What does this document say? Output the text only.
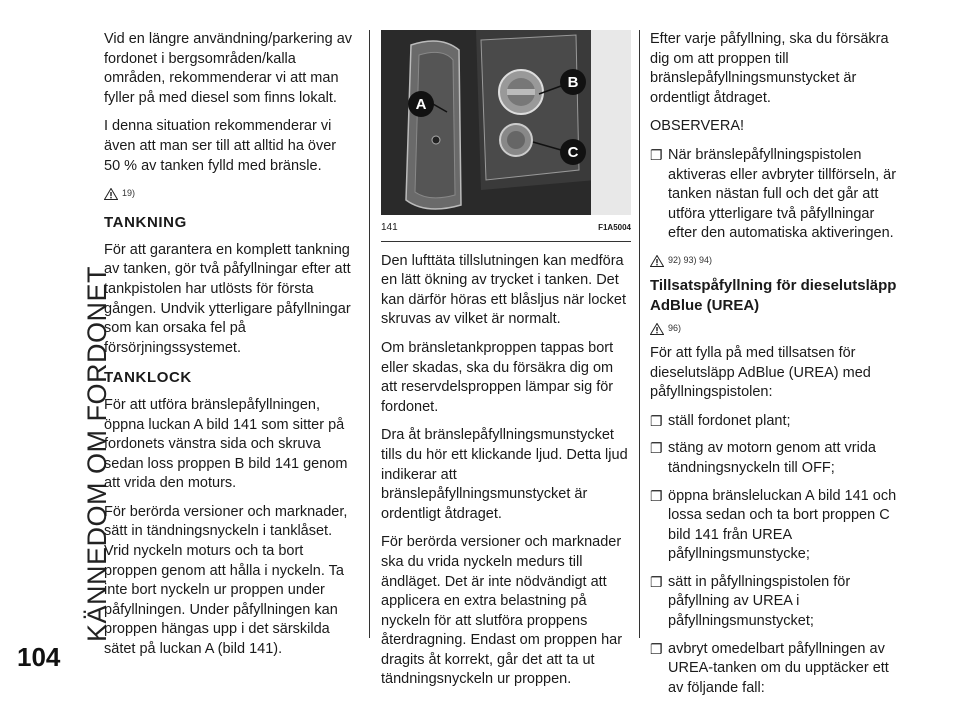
KÄNNEDOM OM FORDONET
104

Vid en längre användning/parkering av fordonet i bergsområden/kalla områden, rekommenderar vi att man fyller på med diesel som finns lokalt.

I denna situation rekommenderar vi även att man ser till att alltid ha över 50 % av tanken fylld med bränsle.

19)
TANKNING

För att garantera en komplett tankning av tanken, gör två påfyllningar efter att tankpistolen har utlösts för första gången. Undvik ytterligare påfyllningar som kan orsaka fel på försörjningssystemet.

TANKLOCK

För att utföra bränslepåfyllningen, öppna luckan A bild 141 som sitter på fordonets vänstra sida och skruva sedan loss proppen B bild 141 genom att vrida den moturs.

För berörda versioner och marknader, sätt in tändningsnyckeln i tanklåset. Vrid nyckeln moturs och ta bort proppen genom att hålla i nyckeln. Ta inte bort nyckeln ur proppen under påfyllningen. Under påfyllningen kan proppen hängas upp i det särskilda sätet på luckan A (bild 141).

A
B
C
141	F1A5004

Den lufttäta tillslutningen kan medföra en lätt ökning av trycket i tanken. Det kan därför höras ett blåsljus när locket skruvas av vilket är normalt.

Om bränsletankproppen tappas bort eller skadas, ska du försäkra dig om att reservdelsproppen lämpar sig för fordonet.

Dra åt bränslepåfyllningsmunstycket tills du hör ett klickande ljud. Detta ljud indikerar att bränslepåfyllningsmunstycket är ordentligt åtdraget.

För berörda versioner och marknader ska du vrida nyckeln medurs till ändläget. Det är inte nödvändigt att applicera en extra belastning på nyckeln för att slutföra proppens återdragning. Endast om proppen har dragits åt korrekt, går det att ta ut tändningsnyckeln ur proppen.

Efter varje påfyllning, ska du försäkra dig om att proppen till bränslepåfyllningsmunstycket är ordentligt åtdraget.

OBSERVERA!

❐ När bränslepåfyllningspistolen aktiveras eller avbryter tillförseln, är tanken nästan full och det går att utföra ytterligare två påfyllningar efter den automatiska aktiveringen.
92) 93) 94)
Tillsatspåfyllning för dieselutsläpp AdBlue (UREA)
96)

För att fylla på med tillsatsen för dieselutsläpp AdBlue (UREA) med påfyllningspistolen:

❐ ställ fordonet plant;
❐ stäng av motorn genom att vrida tändningsnyckeln till OFF;
❐ öppna bränsleluckan A bild 141 och lossa sedan och ta bort proppen C bild 141 från UREA påfyllningsmunstycke;
❐ sätt in påfyllningspistolen för påfyllning av UREA i påfyllningsmunstycket;
❐ avbryt omedelbart påfyllningen av UREA-tanken om du upptäcker ett av följande fall:
